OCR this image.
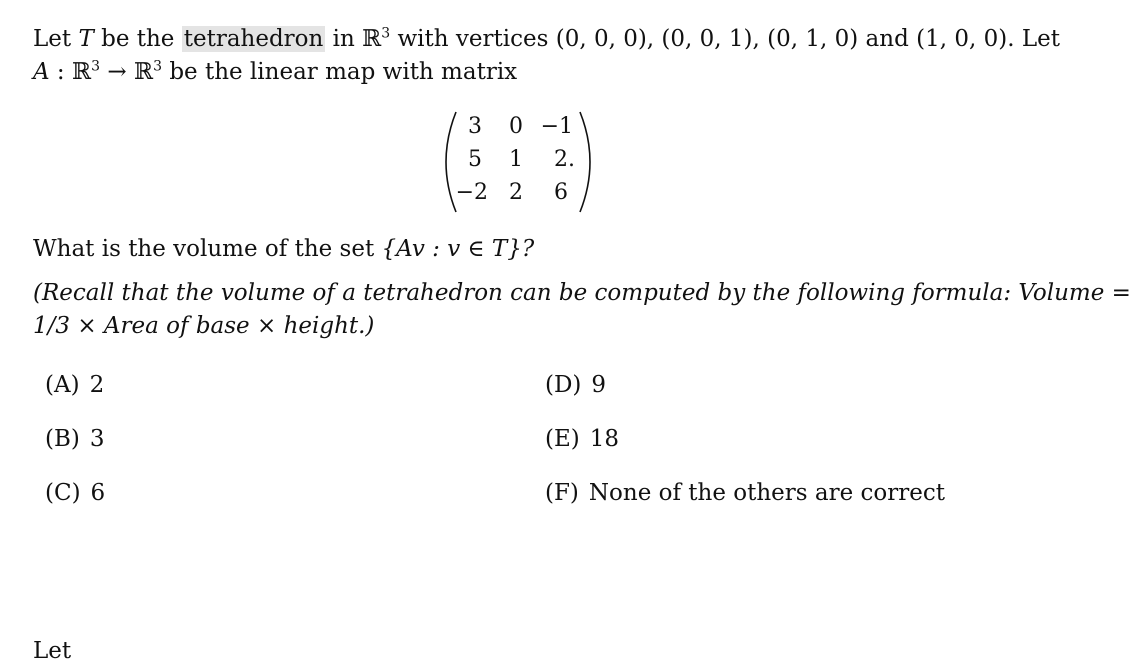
Let T be the tetrahedron in ℝ$^3$ with vertices (0, 0, 0), (0, 0, 1), (0, 1, 0) and (1, 0, 0). Let
A : ℝ$^3$ → ℝ$^3$ be the linear map with matrix
3	0 −1
5	1	2
−2 2	6
.
What is the volume of the set {Av : v ∈ T}?
(Recall that the volume of a tetrahedron can be computed by the following formula: Volume =
1/3 × Area of base × height.)
(A) 2
(B) 3
(C) 6
(D) 9
(E) 18
(F) None of the others are correct
Let
